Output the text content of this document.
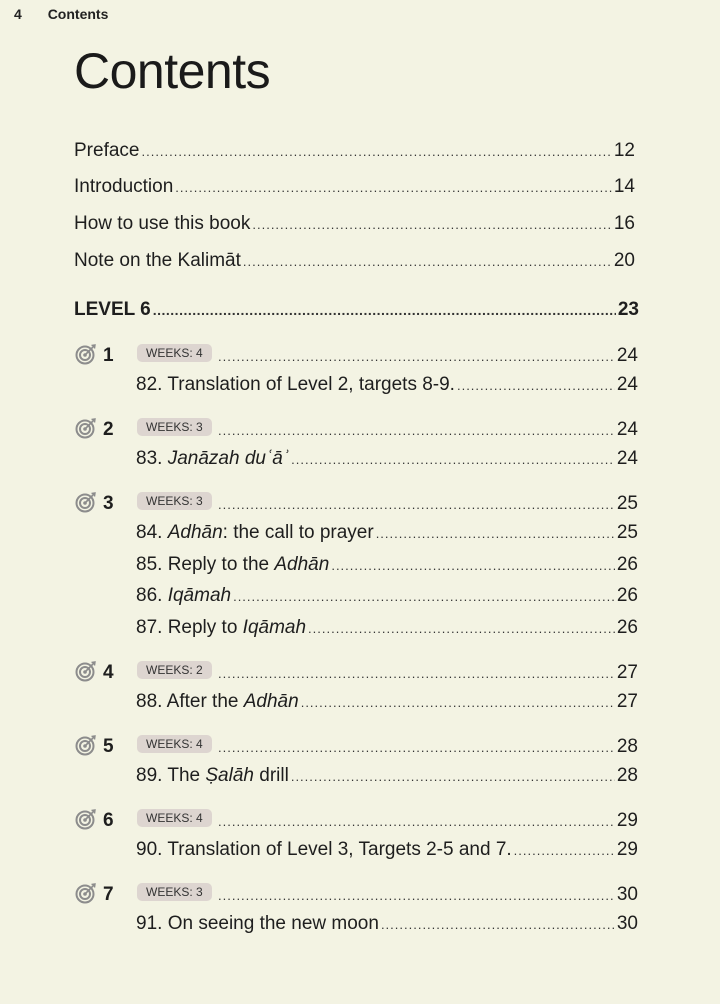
4 Contents
Contents
Preface .....	12
Introduction .....	14
How to use this book .....	16
Note on the Kalimāt .....	20
LEVEL 6 .....	23
1	WEEKS: 4 .....	24
82. Translation of Level 2, targets 8-9. .....	24
2	WEEKS: 3 .....	24
83. Janāzah duʿāʾ .....	24
3	WEEKS: 3 .....	25
84. Adhān: the call to prayer .....	25
85. Reply to the Adhān .....	26
86. Iqāmah .....	26
87. Reply to Iqāmah .....	26
4	WEEKS: 2 .....	27
88. After the Adhān .....	27
5	WEEKS: 4 .....	28
89. The Ṣalāh drill .....	28
6	WEEKS: 4 .....	29
90. Translation of Level 3, Targets 2-5 and 7. .....	29
7	WEEKS: 3 .....	30
91. On seeing the new moon .....	30
